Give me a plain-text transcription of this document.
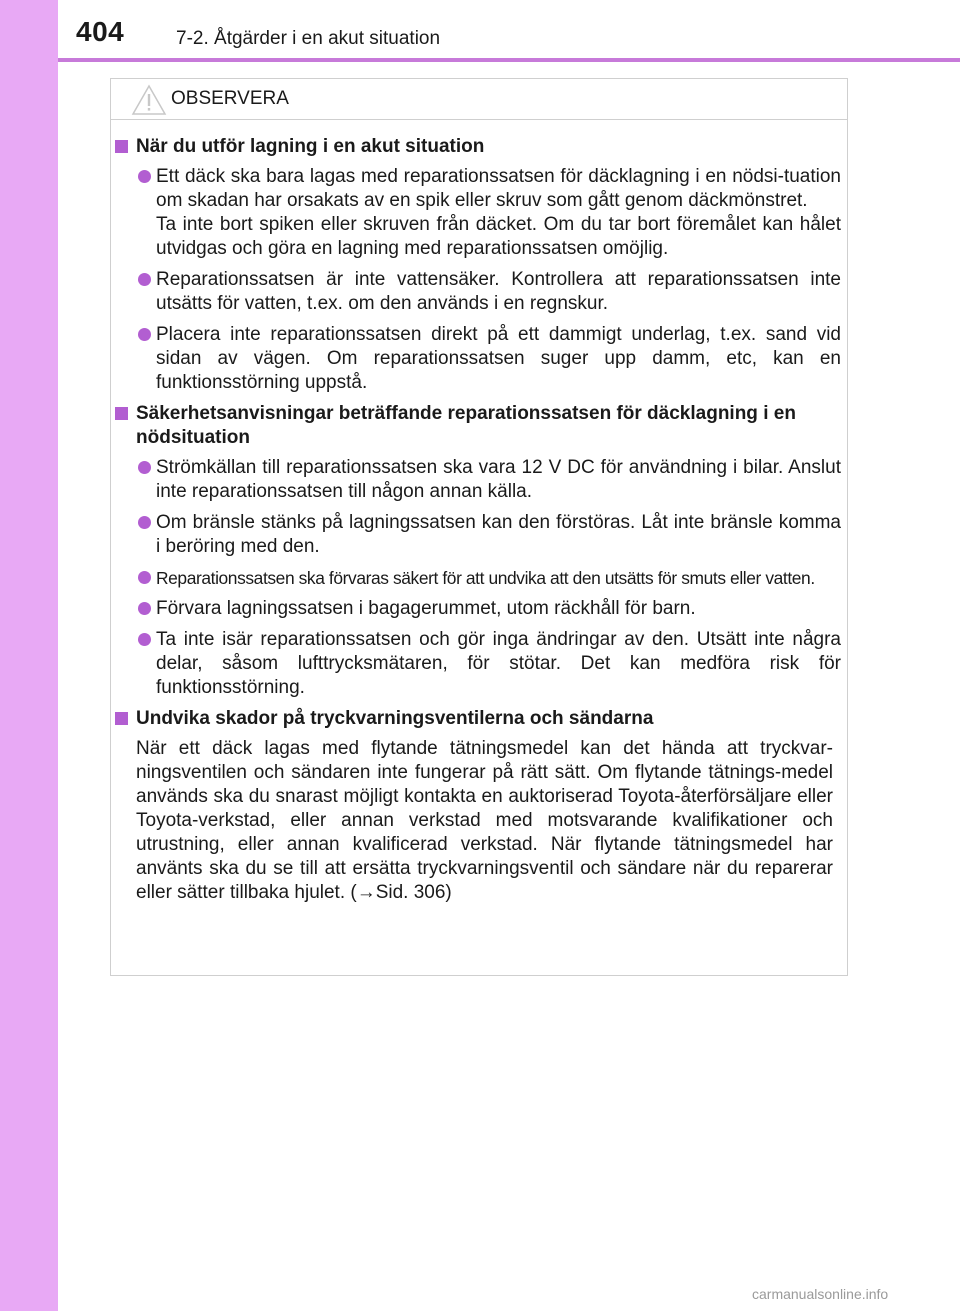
404	7-2. Åtgärder i en akut situation
OBSERVERA
När du utför lagning i en akut situation
Ett däck ska bara lagas med reparationssatsen för däcklagning i en nödsi-tuation om skadan har orsakats av en spik eller skruv som gått genom däckmönstret.
Ta inte bort spiken eller skruven från däcket. Om du tar bort föremålet kan hålet utvidgas och göra en lagning med reparationssatsen omöjlig.
Reparationssatsen är inte vattensäker. Kontrollera att reparationssatsen inte utsätts för vatten, t.ex. om den används i en regnskur.
Placera inte reparationssatsen direkt på ett dammigt underlag, t.ex. sand vid sidan av vägen. Om reparationssatsen suger upp damm, etc, kan en funktionsstörning uppstå.
Säkerhetsanvisningar beträffande reparationssatsen för däcklagning i en nödsituation
Strömkällan till reparationssatsen ska vara 12 V DC för användning i bilar. Anslut inte reparationssatsen till någon annan källa.
Om bränsle stänks på lagningssatsen kan den förstöras. Låt inte bränsle komma i beröring med den.
Reparationssatsen ska förvaras säkert för att undvika att den utsätts för smuts eller vatten.
Förvara lagningssatsen i bagagerummet, utom räckhåll för barn.
Ta inte isär reparationssatsen och gör inga ändringar av den. Utsätt inte några delar, såsom lufttrycksmätaren, för stötar. Det kan medföra risk för funktionsstörning.
Undvika skador på tryckvarningsventilerna och sändarna
När ett däck lagas med flytande tätningsmedel kan det hända att tryckvar-ningsventilen och sändaren inte fungerar på rätt sätt. Om flytande tätnings-medel används ska du snarast möjligt kontakta en auktoriserad Toyota-återförsäljare eller Toyota-verkstad, eller annan verkstad med motsvarande kvalifikationer och utrustning, eller annan kvalificerad verkstad. När flytande tätningsmedel har använts ska du se till att ersätta tryckvarningsventil och sändare när du reparerar eller sätter tillbaka hjulet. (→Sid. 306)
carmanualsonline.info
